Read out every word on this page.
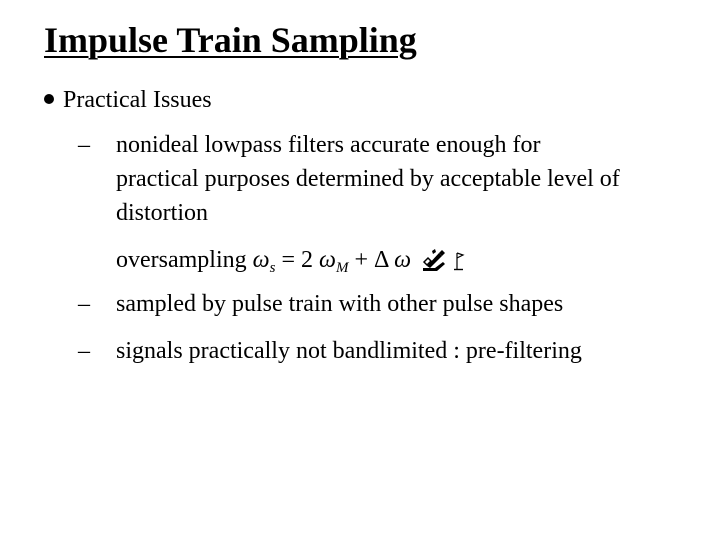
Impulse Train Sampling
Practical Issues
– nonideal lowpass filters accurate enough for
practical purposes determined by acceptable level of
distortion
oversampling $\omega_s = 2$ $\omega_M + \Delta$ ω
– sampled by pulse train with other pulse shapes
– signals practically not bandlimited : pre-filtering
